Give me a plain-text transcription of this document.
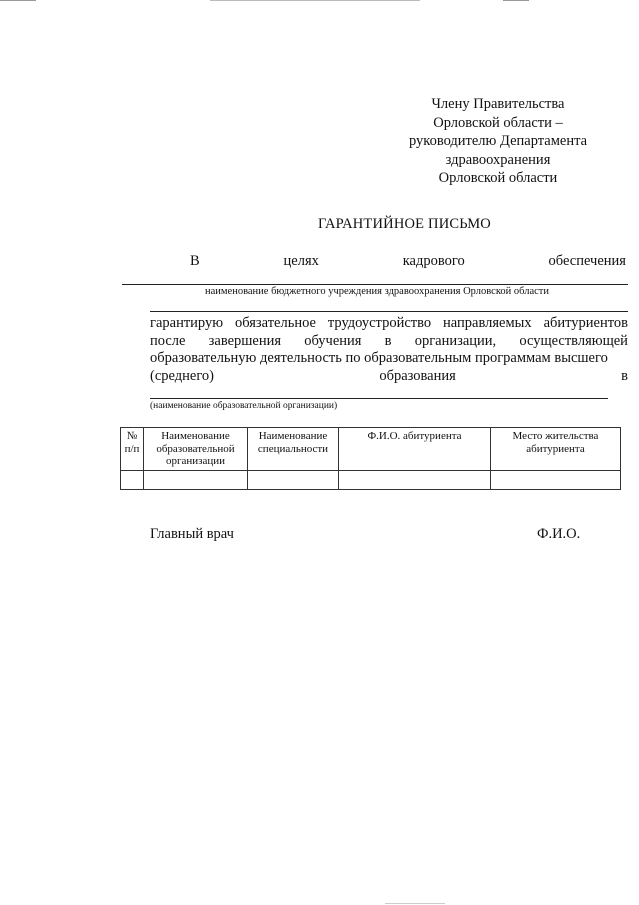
Члену Правительства
Орловской области –
руководителю Департамента
здравоохранения
Орловской области
ГАРАНТИЙНОЕ ПИСЬМО
В	целях	кадрового	обеспечения
наименование бюджетного учреждения здравоохранения Орловской области
гарантирую обязательное трудоустройство направляемых абитуриентов
после завершения обучения в организации, осуществляющей
образовательную деятельность по образовательным программам высшего
(среднего)	образования	в
(наименование образовательной организации)
№ п/п	Наименование образовательной организации	Наименование специальности	Ф.И.О. абитуриента	Место жительства абитуриента

Главный врач	Ф.И.О.
